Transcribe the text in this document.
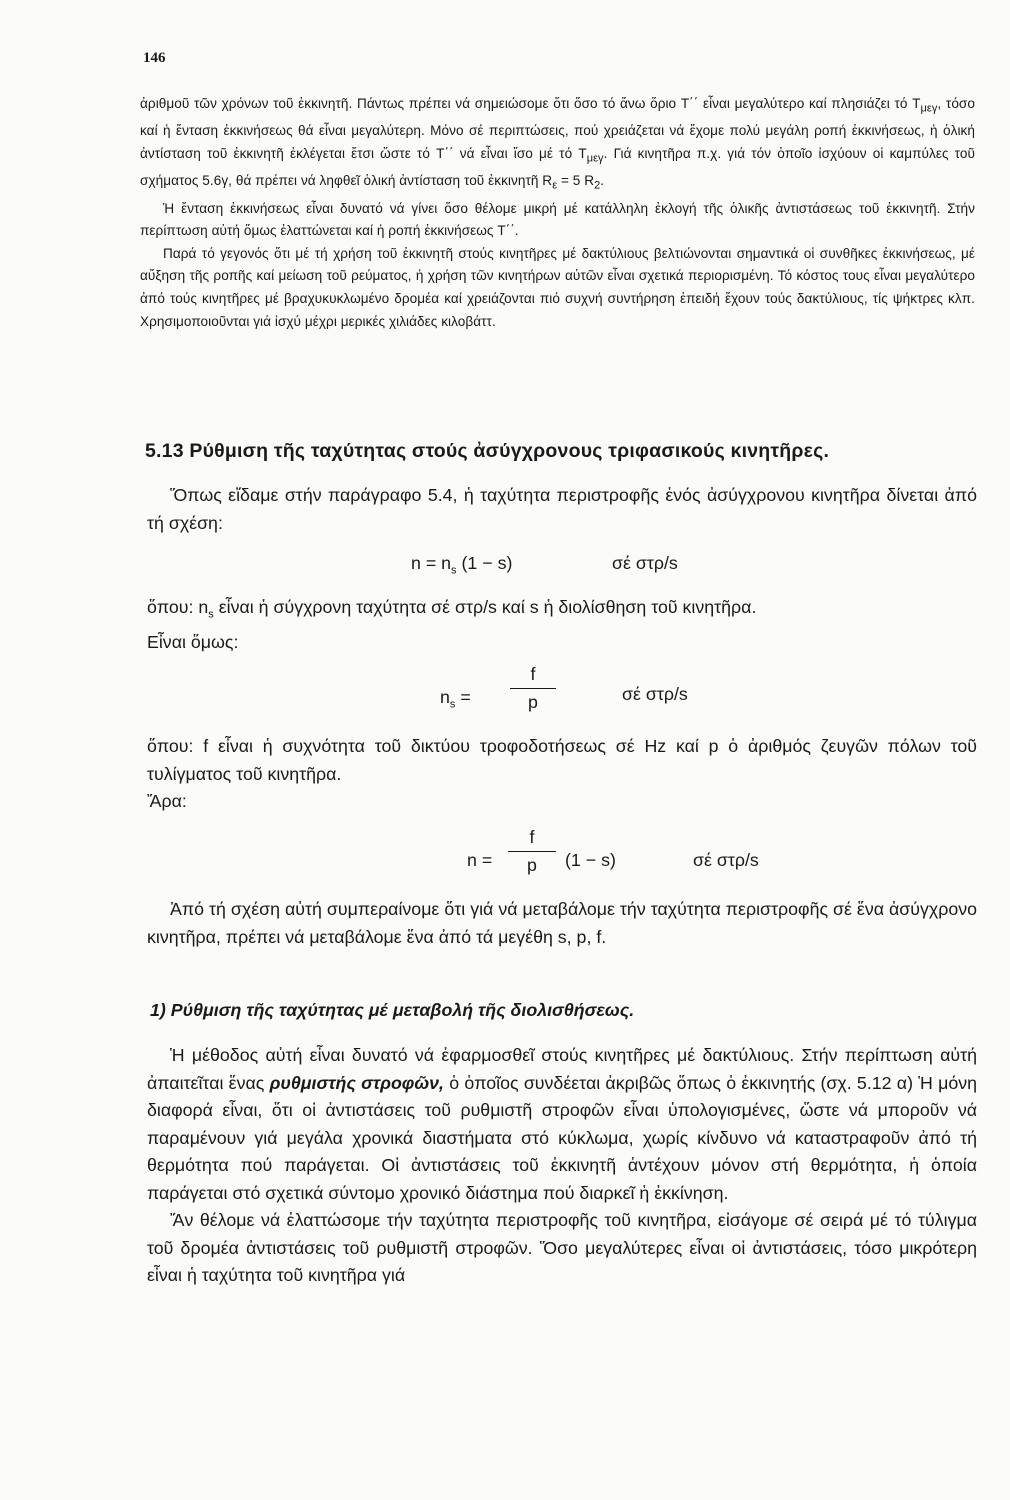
146

ἀριθμοῦ τῶν χρόνων τοῦ ἐκκινητῆ. Πάντως πρέπει νά σημειώσομε ὅτι ὅσο τό ἄνω ὅριο T΄΄ εἶναι μεγαλύτερο καί πλησιάζει τό $T_{\mu\varepsilon\gamma}$, τόσο καί ἡ ἔνταση ἐκκινήσεως θά εἶναι μεγαλύτερη. Μόνο σέ περιπτώσεις, πού χρειάζεται νά ἔχομε πολύ μεγάλη ροπή ἐκκινήσεως, ἡ ὁλική ἀντίσταση τοῦ ἐκκινητῆ ἐκλέγεται ἔτσι ὥστε τό T΄΄ νά εἶναι ἴσο μέ τό $T_{\mu\varepsilon\gamma}$. Γιά κινητῆρα π.χ. γιά τόν ὁποῖο ἰσχύουν οἱ καμπύλες τοῦ σχήματος 5.6γ, θά πρέπει νά ληφθεῖ ὁλική ἀντίσταση τοῦ ἐκκινητῆ $R_\varepsilon = 5$ $R_2$.

Ἡ ἔνταση ἐκκινήσεως εἶναι δυνατό νά γίνει ὅσο θέλομε μικρή μέ κατάλληλη ἐκλογή τῆς ὁλικῆς ἀντιστάσεως τοῦ ἐκκινητῆ. Στήν περίπτωση αὐτή ὅμως ἐλαττώνεται καί ἡ ροπή ἐκκινήσεως T΄΄.

Παρά τό γεγονός ὅτι μέ τή χρήση τοῦ ἐκκινητῆ στούς κινητῆρες μέ δακτύλιους βελτιώνονται σημαντικά οἱ συνθῆκες ἐκκινήσεως, μέ αὔξηση τῆς ροπῆς καί μείωση τοῦ ρεύματος, ἡ χρήση τῶν κινητήρων αὐτῶν εἶναι σχετικά περιορισμένη. Τό κόστος τους εἶναι μεγαλύτερο ἀπό τούς κινητῆρες μέ βραχυκυκλωμένο δρομέα καί χρειάζονται πιό συχνή συντήρηση ἐπειδή ἔχουν τούς δακτύλιους, τίς ψήκτρες κλπ. Χρησιμοποιοῦνται γιά ἰσχύ μέχρι μερικές χιλιάδες κιλοβάττ.

5.13 Ρύθμιση τῆς ταχύτητας στούς ἀσύγχρονους τριφασικούς κινητῆρες.

Ὅπως εἴδαμε στήν παράγραφο 5.4, ἡ ταχύτητα περιστροφῆς ἑνός ἀσύγχρονου κινητῆρα δίνεται ἀπό τή σχέση:

$n = n_s$ (1 − s)	σέ στρ/s

ὅπου: $n_s$ εἶναι ἡ σύγχρονη ταχύτητα σέ στρ/s καί s ἡ διολίσθηση τοῦ κινητῆρα.

Εἶναι ὅμως:

$n_s$ =
f
p	σέ στρ/s

ὅπου: f εἶναι ἡ συχνότητα τοῦ δικτύου τροφοδοτήσεως σέ Hz καί p ὁ ἀριθμός ζευγῶν πόλων τοῦ τυλίγματος τοῦ κινητῆρα.

Ἄρα:

n =
f
p	(1 − s)	σέ στρ/s

Ἀπό τή σχέση αὐτή συμπεραίνομε ὅτι γιά νά μεταβάλομε τήν ταχύτητα περιστροφῆς σέ ἕνα ἀσύγχρονο κινητῆρα, πρέπει νά μεταβάλομε ἕνα ἀπό τά μεγέθη s, p, f.

1) Ρύθμιση τῆς ταχύτητας μέ μεταβολή τῆς διολισθήσεως.

Ἡ μέθοδος αὐτή εἶναι δυνατό νά ἐφαρμοσθεῖ στούς κινητῆρες μέ δακτύλιους. Στήν περίπτωση αὐτή ἀπαιτεῖται ἕνας ρυθμιστής στροφῶν, ὁ ὁποῖος συνδέεται ἀκριβῶς ὅπως ὁ ἐκκινητής (σχ. 5.12 α) Ἡ μόνη διαφορά εἶναι, ὅτι οἱ ἀντιστάσεις τοῦ ρυθμιστῆ στροφῶν εἶναι ὑπολογισμένες, ὥστε νά μποροῦν νά παραμένουν γιά μεγάλα χρονικά διαστήματα στό κύκλωμα, χωρίς κίνδυνο νά καταστραφοῦν ἀπό τή θερμότητα πού παράγεται. Οἱ ἀντιστάσεις τοῦ ἐκκινητῆ ἀντέχουν μόνον στή θερμότητα, ἡ ὁποία παράγεται στό σχετικά σύντομο χρονικό διάστημα πού διαρκεῖ ἡ ἐκκίνηση.

Ἄν θέλομε νά ἐλαττώσομε τήν ταχύτητα περιστροφῆς τοῦ κινητῆρα, εἰσάγομε σέ σειρά μέ τό τύλιγμα τοῦ δρομέα ἀντιστάσεις τοῦ ρυθμιστῆ στροφῶν. Ὅσο μεγαλύτερες εἶναι οἱ ἀντιστάσεις, τόσο μικρότερη εἶναι ἡ ταχύτητα τοῦ κινητῆρα γιά
